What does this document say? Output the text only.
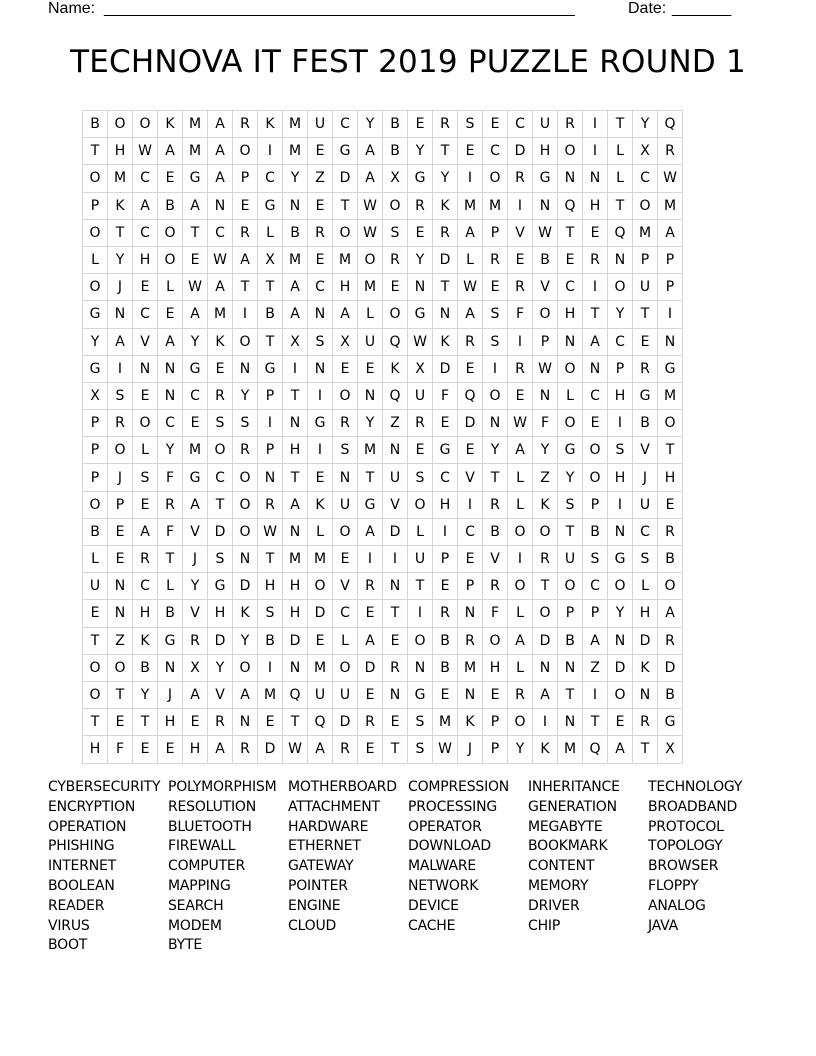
Name: ________________________________________________________	Date: _______
TECHNOVA IT FEST 2019 PUZZLE ROUND 1
B	O	O	K	M	A	R	K	M	U	C	Y	B	E	R	S	E	C	U	R	I	T	Y	Q
T	H	W	A	M	A	O	I	M	E	G	A	B	Y	T	E	C	D	H	O	I	L	X	R
O	M	C	E	G	A	P	C	Y	Z	D	A	X	G	Y	I	O	R	G	N	N	L	C	W
P	K	A	B	A	N	E	G	N	E	T	W	O	R	K	M	M	I	N	Q	H	T	O	M
O	T	C	O	T	C	R	L	B	R	O	W	S	E	R	A	P	V	W	T	E	Q	M	A
L	Y	H	O	E	W	A	X	M	E	M	O	R	Y	D	L	R	E	B	E	R	N	P	P
O	J	E	L	W	A	T	T	A	C	H	M	E	N	T	W	E	R	V	C	I	O	U	P
G	N	C	E	A	M	I	B	A	N	A	L	O	G	N	A	S	F	O	H	T	Y	T	I
Y	A	V	A	Y	K	O	T	X	S	X	U	Q	W	K	R	S	I	P	N	A	C	E	N
G	I	N	N	G	E	N	G	I	N	E	E	K	X	D	E	I	R	W	O	N	P	R	G
X	S	E	N	C	R	Y	P	T	I	O	N	Q	U	F	Q	O	E	N	L	C	H	G	M
P	R	O	C	E	S	S	I	N	G	R	Y	Z	R	E	D	N	W	F	O	E	I	B	O
P	O	L	Y	M	O	R	P	H	I	S	M	N	E	G	E	Y	A	Y	G	O	S	V	T
P	J	S	F	G	C	O	N	T	E	N	T	U	S	C	V	T	L	Z	Y	O	H	J	H
O	P	E	R	A	T	O	R	A	K	U	G	V	O	H	I	R	L	K	S	P	I	U	E
B	E	A	F	V	D	O	W	N	L	O	A	D	L	I	C	B	O	O	T	B	N	C	R
L	E	R	T	J	S	N	T	M	M	E	I	I	U	P	E	V	I	R	U	S	G	S	B
U	N	C	L	Y	G	D	H	H	O	V	R	N	T	E	P	R	O	T	O	C	O	L	O
E	N	H	B	V	H	K	S	H	D	C	E	T	I	R	N	F	L	O	P	P	Y	H	A
T	Z	K	G	R	D	Y	B	D	E	L	A	E	O	B	R	O	A	D	B	A	N	D	R
O	O	B	N	X	Y	O	I	N	M	O	D	R	N	B	M	H	L	N	N	Z	D	K	D
O	T	Y	J	A	V	A	M	Q	U	U	E	N	G	E	N	E	R	A	T	I	O	N	B
T	E	T	H	E	R	N	E	T	Q	D	R	E	S	M	K	P	O	I	N	T	E	R	G
H	F	E	E	H	A	R	D	W	A	R	E	T	S	W	J	P	Y	K	M	Q	A	T	X
CYBERSECURITY
ENCRYPTION
OPERATION
PHISHING
INTERNET
BOOLEAN
READER
VIRUS
BOOT
POLYMORPHISM
RESOLUTION
BLUETOOTH
FIREWALL
COMPUTER
MAPPING
SEARCH
MODEM
BYTE
MOTHERBOARD
ATTACHMENT
HARDWARE
ETHERNET
GATEWAY
POINTER
ENGINE
CLOUD
COMPRESSION
PROCESSING
OPERATOR
DOWNLOAD
MALWARE
NETWORK
DEVICE
CACHE
INHERITANCE
GENERATION
MEGABYTE
BOOKMARK
CONTENT
MEMORY
DRIVER
CHIP
TECHNOLOGY
BROADBAND
PROTOCOL
TOPOLOGY
BROWSER
FLOPPY
ANALOG
JAVA
